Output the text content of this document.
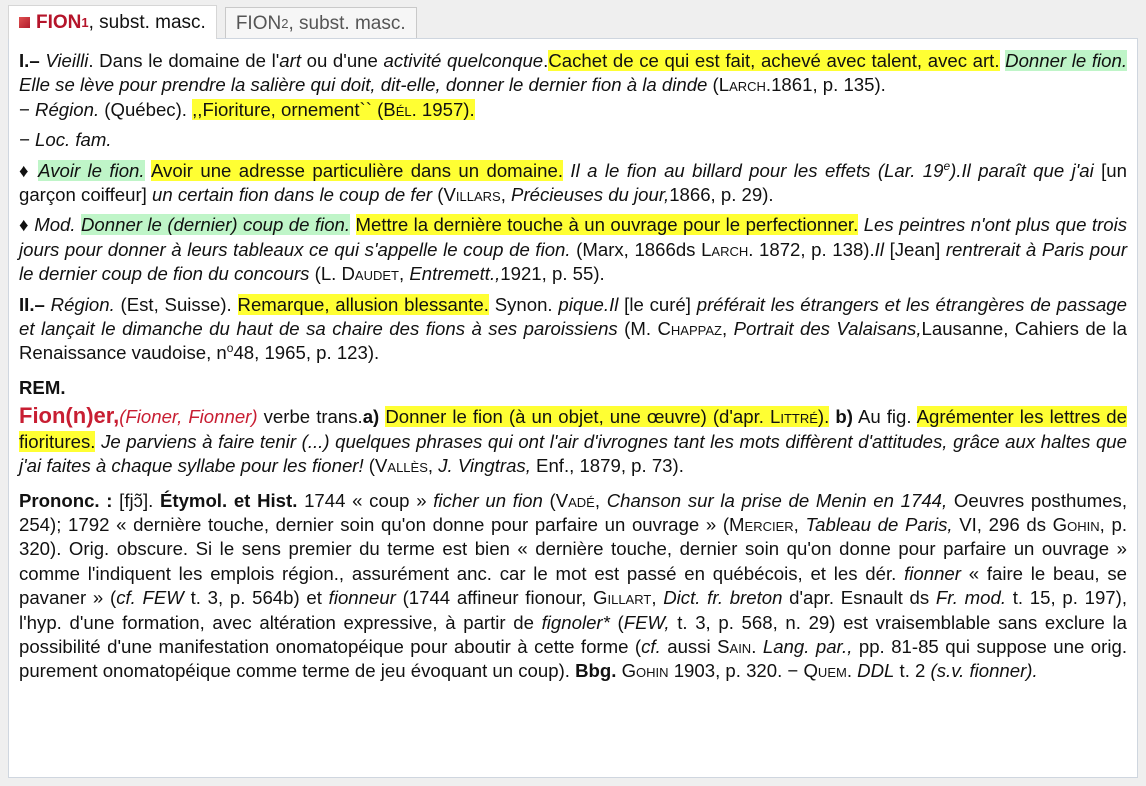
FION 1 , subst. masc. FION 2 , subst. masc.

I.– Vieilli. Dans le domaine de l'art ou d'une activité quelconque.Cachet de ce qui est fait, achevé avec talent, avec art. Donner le fion. Elle se lève pour prendre la salière qui doit, dit-elle, donner le dernier fion à la dinde (Larch.1861, p. 135).
− Région. (Québec). ,,Fioriture, ornement`` (Bél. 1957).

− Loc. fam.

♦ Avoir le fion. Avoir une adresse particulière dans un domaine. Il a le fion au billard pour les effets (Lar. 19e).Il paraît que j'ai [un garçon coiffeur] un certain fion dans le coup de fer (Villars, Précieuses du jour,1866, p. 29).

♦ Mod. Donner le (dernier) coup de fion. Mettre la dernière touche à un ouvrage pour le perfectionner. Les peintres n'ont plus que trois jours pour donner à leurs tableaux ce qui s'appelle le coup de fion. (Marx, 1866ds Larch. 1872, p. 138).Il [Jean] rentrerait à Paris pour le dernier coup de fion du concours (L. Daudet, Entremett.,1921, p. 55).

II.– Région. (Est, Suisse). Remarque, allusion blessante. Synon. pique.Il [le curé] préférait les étrangers et les étrangères de passage et lançait le dimanche du haut de sa chaire des fions à ses paroissiens (M. Chappaz, Portrait des Valaisans,Lausanne, Cahiers de la Renaissance vaudoise, $n^o48$, 1965, p. 123).

REM.

Fion(n)er,(Fioner, Fionner) verbe trans.a) Donner le fion (à un objet, une œuvre) (d'apr. Littré). b) Au fig. Agrémenter les lettres de fioritures. Je parviens à faire tenir (...) quelques phrases qui ont l'air d'ivrognes tant les mots diffèrent d'attitudes, grâce aux haltes que j'ai faites à chaque syllabe pour les fioner! (Vallès, J. Vingtras, Enf., 1879, p. 73).

Prononc. : [fjɔ̃]. Étymol. et Hist. 1744 « coup » ficher un fion (Vadé, Chanson sur la prise de Menin en 1744, Oeuvres posthumes, 254); 1792 « dernière touche, dernier soin qu'on donne pour parfaire un ouvrage » (Mercier, Tableau de Paris, VI, 296 ds Gohin, p. 320). Orig. obscure. Si le sens premier du terme est bien « dernière touche, dernier soin qu'on donne pour parfaire un ouvrage » comme l'indiquent les emplois région., assurément anc. car le mot est passé en québécois, et les dér. fionner « faire le beau, se pavaner » (cf. FEW t. 3, p. 564b) et fionneur (1744 affineur fionour, Gillart, Dict. fr. breton d'apr. Esnault ds Fr. mod. t. 15, p. 197), l'hyp. d'une formation, avec altération expressive, à partir de fignoler* (FEW, t. 3, p. 568, n. 29) est vraisemblable sans exclure la possibilité d'une manifestation onomatopéique pour aboutir à cette forme (cf. aussi Sain. Lang. par., pp. 81-85 qui suppose une orig. purement onomatopéique comme terme de jeu évoquant un coup). Bbg. Gohin 1903, p. 320. − Quem. DDL t. 2 (s.v. fionner).
